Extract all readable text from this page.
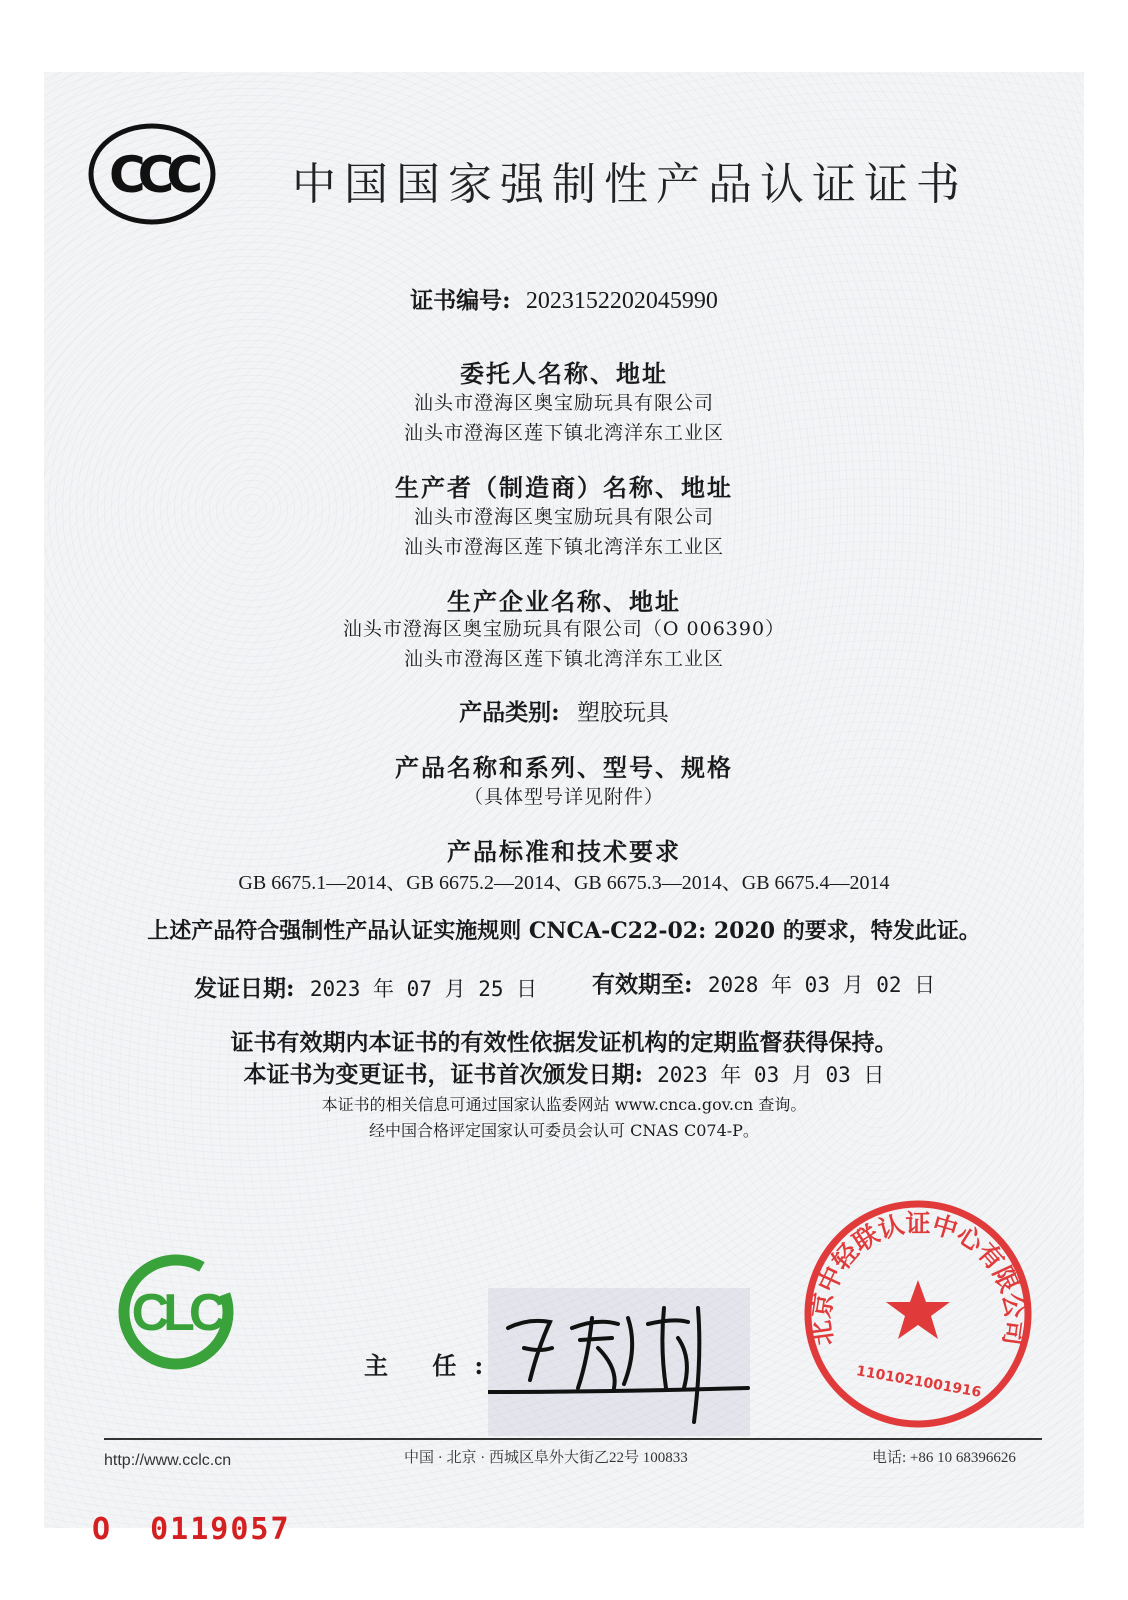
CCC 中国国家强制性产品认证证书
证书编号: 2023152202045990
委托人名称、地址
汕头市澄海区奥宝励玩具有限公司
汕头市澄海区莲下镇北湾洋东工业区
生产者（制造商）名称、地址
汕头市澄海区奥宝励玩具有限公司
汕头市澄海区莲下镇北湾洋东工业区
生产企业名称、地址
汕头市澄海区奥宝励玩具有限公司（O 006390）
汕头市澄海区莲下镇北湾洋东工业区
产品类别: 塑胶玩具
产品名称和系列、型号、规格
（具体型号详见附件）
产品标准和技术要求
GB 6675.1—2014、GB 6675.2—2014、GB 6675.3—2014、GB 6675.4—2014
上述产品符合强制性产品认证实施规则 CNCA-C22-02: 2020 的要求，特发此证。
发证日期: 2023 年 07 月 25 日 有效期至: 2028 年 03 月 02 日
证书有效期内本证书的有效性依据发证机构的定期监督获得保持。
本证书为变更证书，证书首次颁发日期: 2023 年 03 月 03 日
本证书的相关信息可通过国家认监委网站 www.cnca.gov.cn 查询。
经中国合格评定国家认可委员会认可 CNAS C074-P。
CLC
主 任:
北京中轻联认证中心有限公司
1101021001916
http://www.cclc.cn	中国 · 北京 · 西城区阜外大街乙22号 100833	电话: +86 10 68396626
O 0119057
